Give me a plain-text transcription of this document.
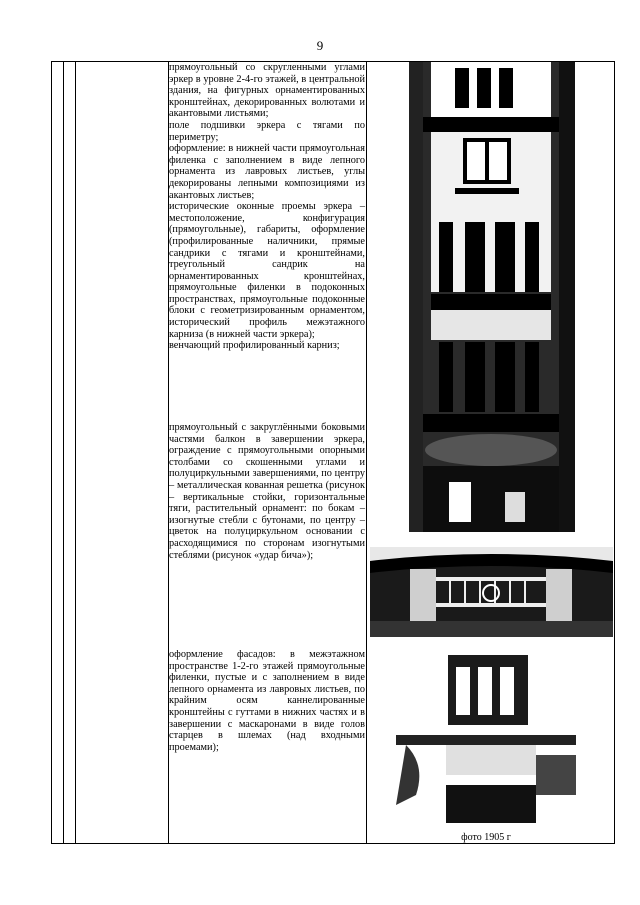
9

прямоугольный со скругленными углами эркер в уровне 2-4-го этажей, в центральной здания, на фигурных орнаментированных кронштейнах, декорированных волютами и акантовыми листьями;

поле подшивки эркера с тягами по периметру;

оформление: в нижней части прямоугольная филенка с заполнением в виде лепного орнамента из лавровых листьев, углы декорированы лепными композициями из акантовых листьев;

исторические оконные проемы эркера – местоположение, конфигурация (прямоугольные), габариты, оформление (профилированные наличники, прямые сандрики с тягами и кронштейнами, треугольный сандрик на орнаментированных кронштейнах, прямоугольные филенки в подоконных пространствах, прямоугольные подоконные блоки с геометризированным орнаментом, исторический профиль межэтажного карниза (в нижней части эркера);

венчающий профилированный карниз;

прямоугольный с закруглёнными боковыми частями балкон в завершении эркера, ограждение с прямоугольными опорными столбами со скошенными углами и полуциркульными завершениями, по центру – металлическая кованная решетка (рисунок – вертикальные стойки, горизонтальные тяги, растительный орнамент: по бокам – изогнутые стебли с бутонами, по центру – цветок на полуциркульном основании с расходящимися по сторонам изогнутыми стеблями (рисунок «удар бича»);

оформление фасадов: в межэтажном пространстве 1-2-го этажей прямоугольные филенки, пустые и с заполнением в виде лепного орнамента из лавровых листьев, по крайним осям каннелированные кронштейны с гуттами в нижних частях и в завершении с маскаронами в виде голов старцев в шлемах (над входными проемами);

фото 1905 г
